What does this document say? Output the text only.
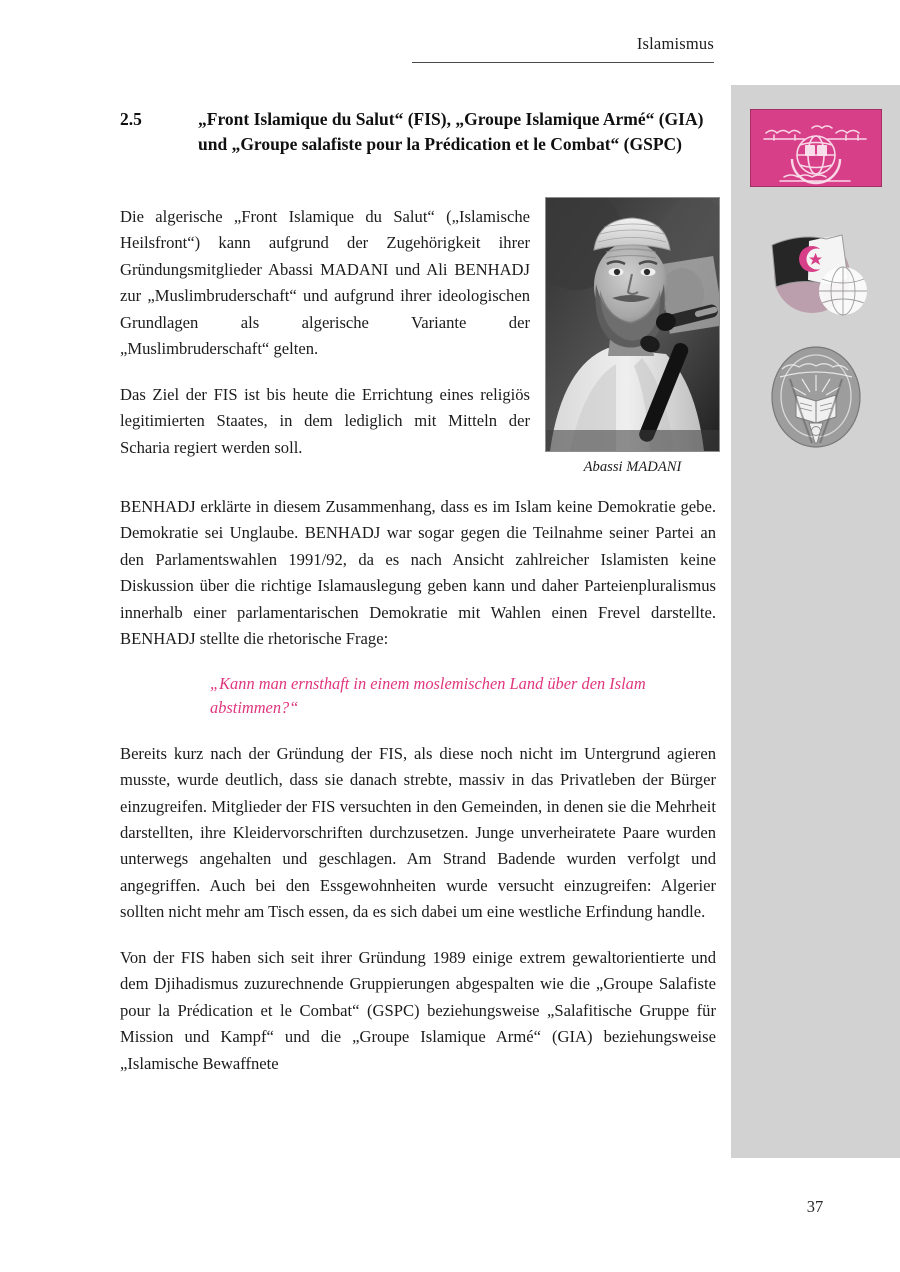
Islamismus
2.5	„Front Islamique du Salut“ (FIS), „Groupe Islamique Armé“ (GIA) und „Groupe salafiste pour la Prédication et le Combat“ (GSPC)
Abassi MADANI

Die algerische „Front Islamique du Salut“ („Islamische Heilsfront“) kann aufgrund der Zugehörigkeit ihrer Gründungsmitglieder Abassi MADANI und Ali BENHADJ zur „Muslimbruderschaft“ und aufgrund ihrer ideologischen Grundlagen als algerische Variante der „Muslimbruderschaft“ gelten.

Das Ziel der FIS ist bis heute die Errichtung eines religiös legitimierten Staates, in dem lediglich mit Mitteln der Scharia regiert werden soll.

BENHADJ erklärte in diesem Zusammenhang, dass es im Islam keine Demokratie gebe. Demokratie sei Unglaube. BENHADJ war sogar gegen die Teilnahme seiner Partei an den Parlamentswahlen 1991/92, da es nach Ansicht zahlreicher Islamisten keine Diskussion über die richtige Islamauslegung geben kann und daher Parteienpluralismus innerhalb einer parlamentarischen Demokratie mit Wahlen einen Frevel darstellte. BENHADJ stellte die rhetorische Frage:

„Kann man ernsthaft in einem moslemischen Land über den Islam abstimmen?“

Bereits kurz nach der Gründung der FIS, als diese noch nicht im Untergrund agieren musste, wurde deutlich, dass sie danach strebte, massiv in das Privatleben der Bürger einzugreifen. Mitglieder der FIS versuchten in den Gemeinden, in denen sie die Mehrheit darstellten, ihre Kleidervorschriften durchzusetzen. Junge unverheiratete Paare wurden unterwegs angehalten und geschlagen. Am Strand Badende wurden verfolgt und angegriffen. Auch bei den Essgewohnheiten wurde versucht einzugreifen: Algerier sollten nicht mehr am Tisch essen, da es sich dabei um eine westliche Erfindung handle.

Von der FIS haben sich seit ihrer Gründung 1989 einige extrem gewaltorientierte und dem Djihadismus zuzurechnende Gruppierungen abgespalten wie die „Groupe Salafiste pour la Prédication et le Combat“ (GSPC) beziehungsweise „Salafitische Gruppe für Mission und Kampf“ und die „Groupe Islamique Armé“ (GIA) beziehungsweise „Islamische Bewaffnete

37
